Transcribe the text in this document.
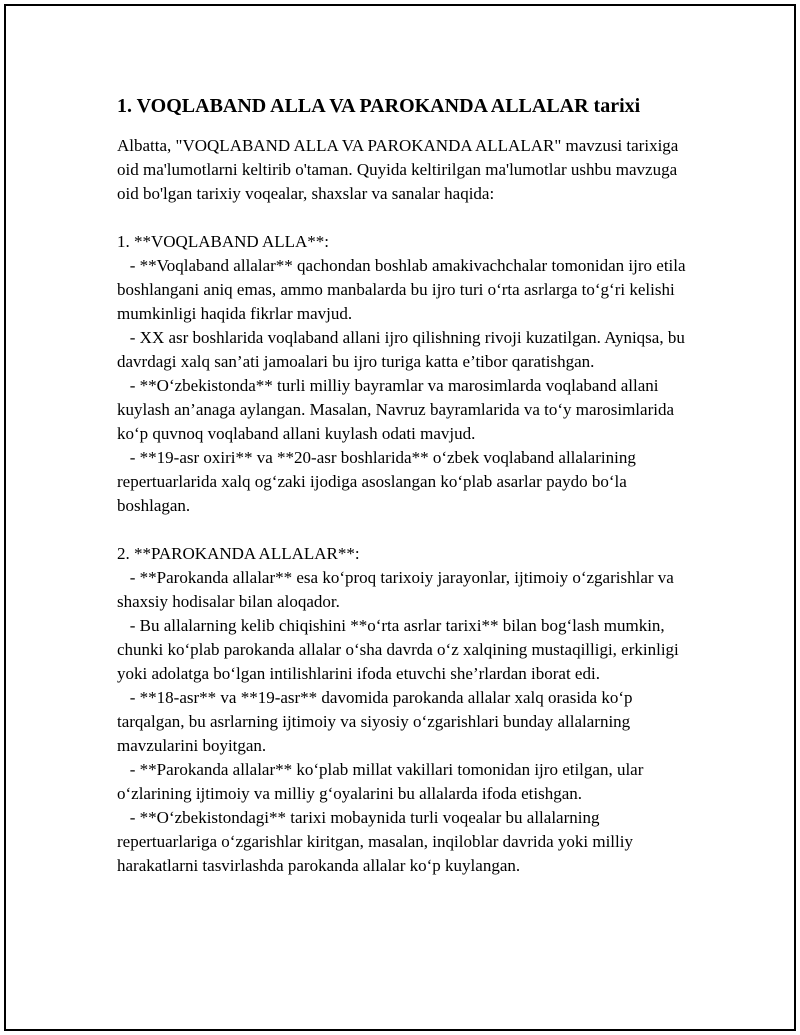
1. VOQLABAND ALLA VA PAROKANDA ALLALAR tarixi

Albatta, "VOQLABAND ALLA VA PAROKANDA ALLALAR" mavzusi tarixiga oid ma'lumotlarni keltirib o'taman. Quyida keltirilgan ma'lumotlar ushbu mavzuga oid bo'lgan tarixiy voqealar, shaxslar va sanalar haqida:

1. **VOQLABAND ALLA**:

- **Voqlaband allalar** qachondan boshlab amakivachchalar tomonidan ijro etila boshlangani aniq emas, ammo manbalarda bu ijro turi o‘rta asrlarga to‘g‘ri kelishi mumkinligi haqida fikrlar mavjud.

- XX asr boshlarida voqlaband allani ijro qilishning rivoji kuzatilgan. Ayniqsa, bu davrdagi xalq san’ati jamoalari bu ijro turiga katta e’tibor qaratishgan.

- **O‘zbekistonda** turli milliy bayramlar va marosimlarda voqlaband allani kuylash an’anaga aylangan. Masalan, Navruz bayramlarida va to‘y marosimlarida ko‘p quvnoq voqlaband allani kuylash odati mavjud.

- **19-asr oxiri** va **20-asr boshlarida** o‘zbek voqlaband allalarining repertuarlarida xalq og‘zaki ijodiga asoslangan ko‘plab asarlar paydo bo‘la boshlagan.

2. **PAROKANDA ALLALAR**:

- **Parokanda allalar** esa ko‘proq tarixoiy jarayonlar, ijtimoiy o‘zgarishlar va shaxsiy hodisalar bilan aloqador.

- Bu allalarning kelib chiqishini **o‘rta asrlar tarixi** bilan bog‘lash mumkin, chunki ko‘plab parokanda allalar o‘sha davrda o‘z xalqining mustaqilligi, erkinligi yoki adolatga bo‘lgan intilishlarini ifoda etuvchi she’rlardan iborat edi.

- **18-asr** va **19-asr** davomida parokanda allalar xalq orasida ko‘p tarqalgan, bu asrlarning ijtimoiy va siyosiy o‘zgarishlari bunday allalarning mavzularini boyitgan.

- **Parokanda allalar** ko‘plab millat vakillari tomonidan ijro etilgan, ular o‘zlarining ijtimoiy va milliy g‘oyalarini bu allalarda ifoda etishgan.

- **O‘zbekistondagi** tarixi mobaynida turli voqealar bu allalarning repertuarlariga o‘zgarishlar kiritgan, masalan, inqiloblar davrida yoki milliy harakatlarni tasvirlashda parokanda allalar ko‘p kuylangan.
